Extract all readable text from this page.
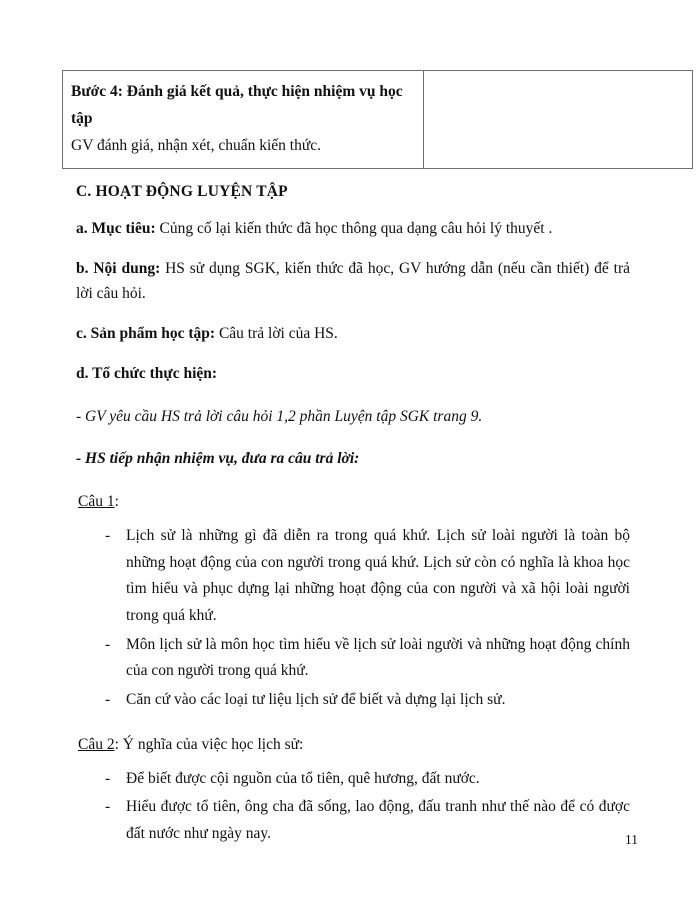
Bước 4: Đánh giá kết quả, thực hiện nhiệm vụ học tập

GV đánh giá, nhận xét, chuẩn kiến thức.

C. HOẠT ĐỘNG LUYỆN TẬP

a. Mục tiêu: Củng cố lại kiến thức đã học thông qua dạng câu hỏi lý thuyết .

b. Nội dung: HS sử dụng SGK, kiến thức đã học, GV hướng dẫn (nếu cần thiết) để trả lời câu hỏi.

c. Sản phẩm học tập: Câu trả lời của HS.

d. Tổ chức thực hiện:

- GV yêu cầu HS trả lời câu hỏi 1,2 phần Luyện tập SGK trang 9.

- HS tiếp nhận nhiệm vụ, đưa ra câu trả lời:

Câu 1:

- Lịch sử là những gì đã diễn ra trong quá khứ. Lịch sử loài người là toàn bộ những hoạt động của con người trong quá khứ. Lịch sử còn có nghĩa là khoa học tìm hiểu và phục dựng lại những hoạt động của con người và xã hội loài người trong quá khứ.
- Môn lịch sử là môn học tìm hiểu về lịch sử loài người và những hoạt động chính của con người trong quá khứ.
- Căn cứ vào các loại tư liệu lịch sử để biết và dựng lại lịch sử.

Câu 2: Ý nghĩa của việc học lịch sử:

- Để biết được cội nguồn của tổ tiên, quê hương, đất nước.
- Hiểu được tổ tiên, ông cha đã sống, lao động, đấu tranh như thế nào để có được đất nước như ngày nay.	11
